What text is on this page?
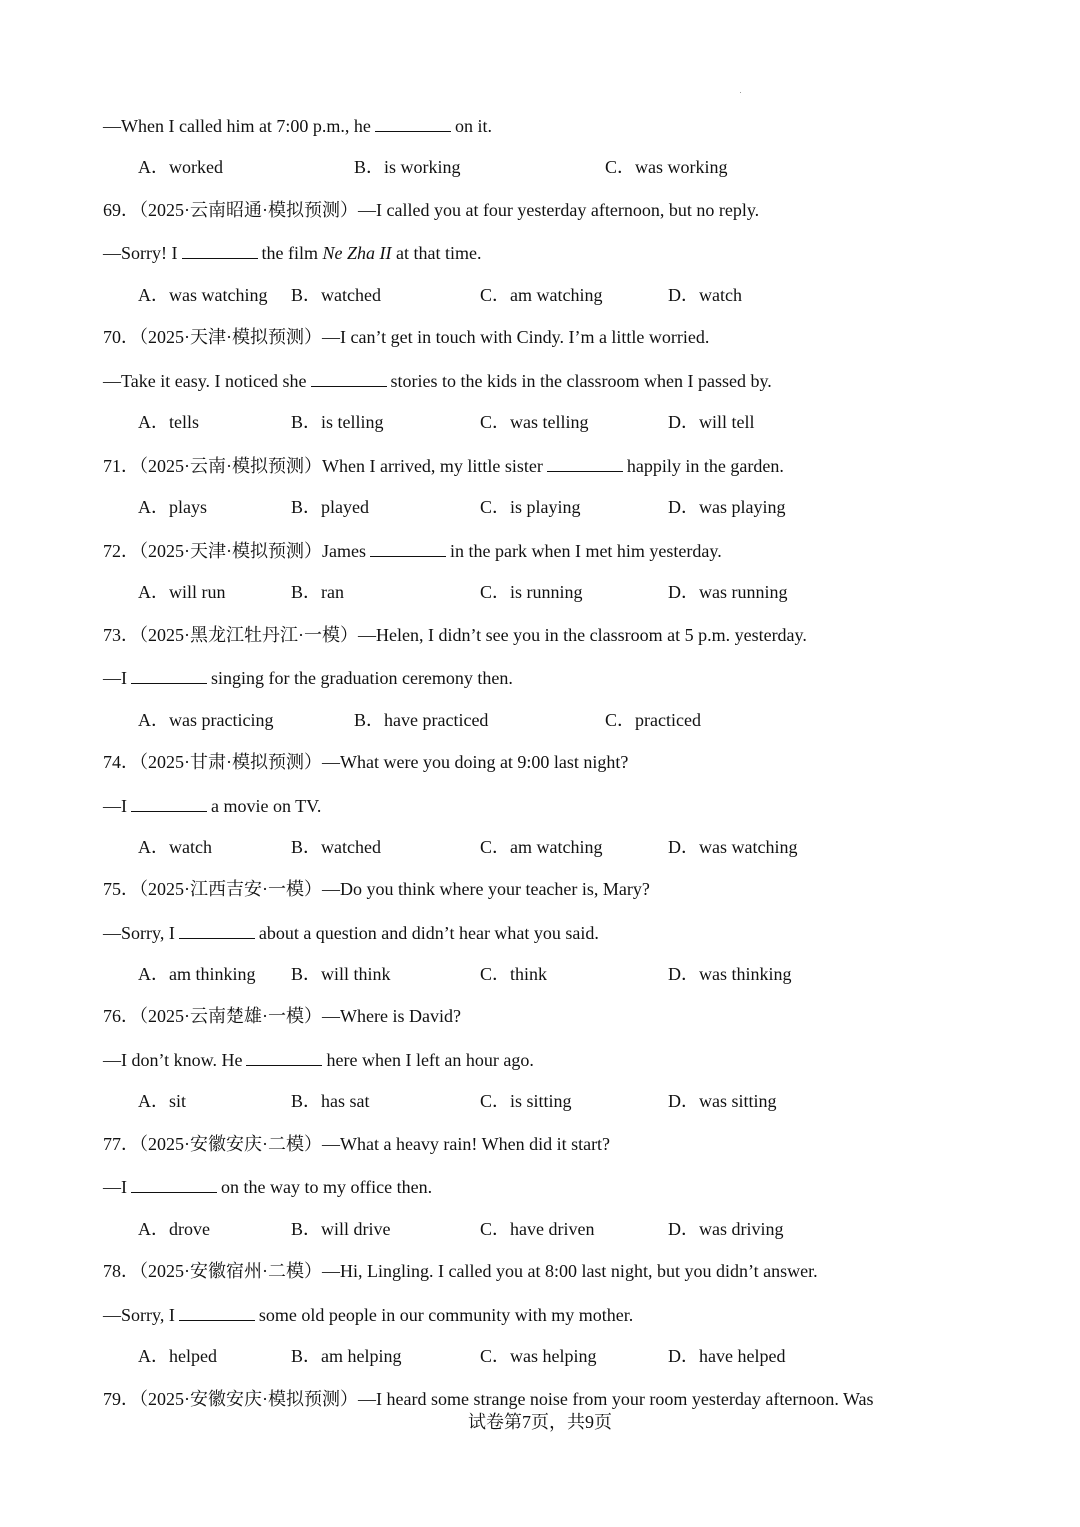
—When I called him at 7:00 p.m., he	on it.
A．worked	B．is working	C．was working
69．（2025·云南昭通·模拟预测）—I called you at four yesterday afternoon, but no reply.
—Sorry! I	the film Ne Zha II at that time.
A．was watching B．watched	C．am watching	D．watch
70．（2025·天津·模拟预测）—I can’t get in touch with Cindy. I’m a little worried.
—Take it easy. I noticed she	stories to the kids in the classroom when I passed by.
A．tells	B．is telling	C．was telling	D．will tell
71．（2025·云南·模拟预测）When I arrived, my little sister	happily in the garden.
A．plays	B．played	C．is playing	D．was playing
72．（2025·天津·模拟预测）James	in the park when I met him yesterday.
A．will run	B．ran	C．is running	D．was running
73．（2025·黑龙江牡丹江·一模）—Helen, I didn’t see you in the classroom at 5 p.m. yesterday.
—I	singing for the graduation ceremony then.
A．was practicing	B．have practiced	C．practiced
74．（2025·甘肃·模拟预测）—What were you doing at 9:00 last night?
—I	a movie on TV.
A．watch	B．watched	C．am watching	D．was watching
75．（2025·江西吉安·一模）—Do you think where your teacher is, Mary?
—Sorry, I	about a question and didn’t hear what you said.
A．am thinking B．will think	C．think	D．was thinking
76．（2025·云南楚雄·一模）—Where is David?
—I don’t know. He	here when I left an hour ago.
A．sit	B．has sat	C．is sitting	D．was sitting
77．（2025·安徽安庆·二模）—What a heavy rain! When did it start?
—I	on the way to my office then.
A．drove	B．will drive	C．have driven	D．was driving
78．（2025·安徽宿州·二模）—Hi, Lingling. I called you at 8:00 last night, but you didn’t answer.
—Sorry, I	some old people in our community with my mother.
A．helped	B．am helping	C．was helping	D．have helped
79．（2025·安徽安庆·模拟预测）—I heard some strange noise from your room yesterday afternoon. Was
试卷第7页，共9页
